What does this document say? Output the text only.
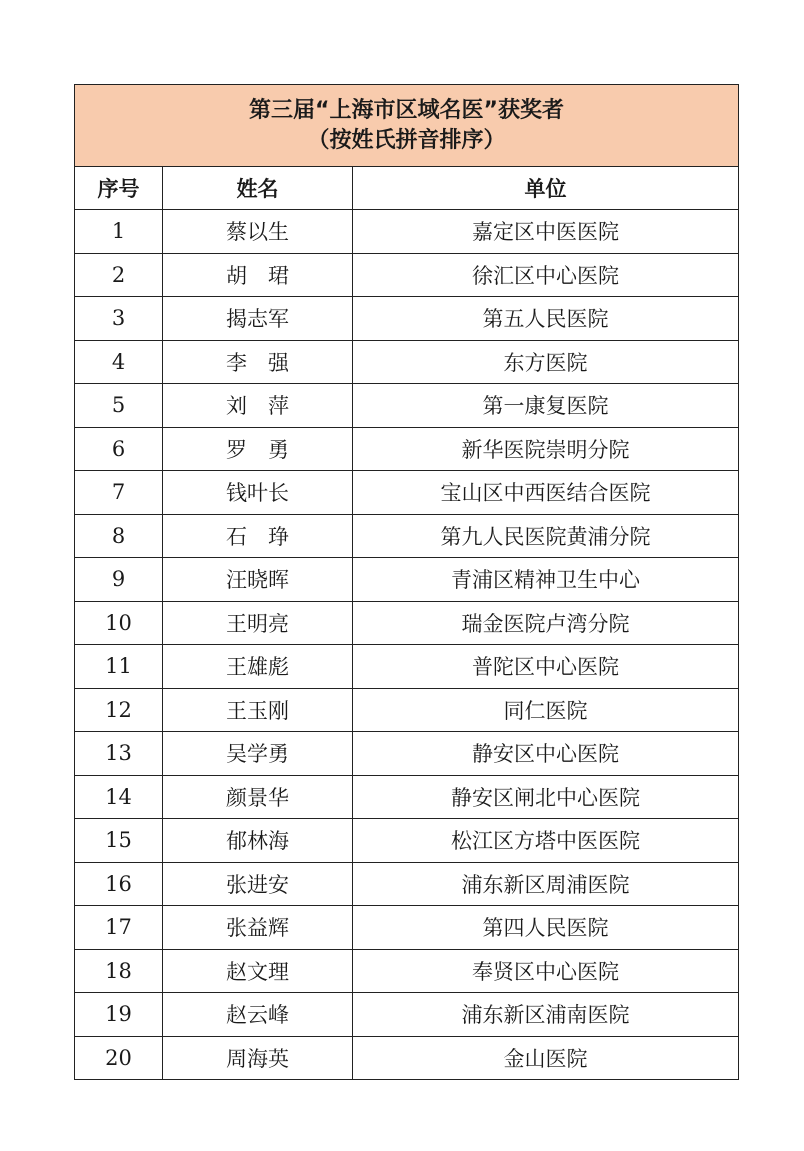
第三届“上海市区域名医”获奖者
（按姓氏拼音排序）		

序号	姓名	单位
1	蔡以生	嘉定区中医医院
2	胡　珺	徐汇区中心医院
3	揭志军	第五人民医院
4	李　强	东方医院
5	刘　萍	第一康复医院
6	罗　勇	新华医院崇明分院
7	钱叶长	宝山区中西医结合医院
8	石　琤	第九人民医院黄浦分院
9	汪晓晖	青浦区精神卫生中心
10	王明亮	瑞金医院卢湾分院
11	王雄彪	普陀区中心医院
12	王玉刚	同仁医院
13	吴学勇	静安区中心医院
14	颜景华	静安区闸北中心医院
15	郁林海	松江区方塔中医医院
16	张进安	浦东新区周浦医院
17	张益辉	第四人民医院
18	赵文理	奉贤区中心医院
19	赵云峰	浦东新区浦南医院
20	周海英	金山医院
